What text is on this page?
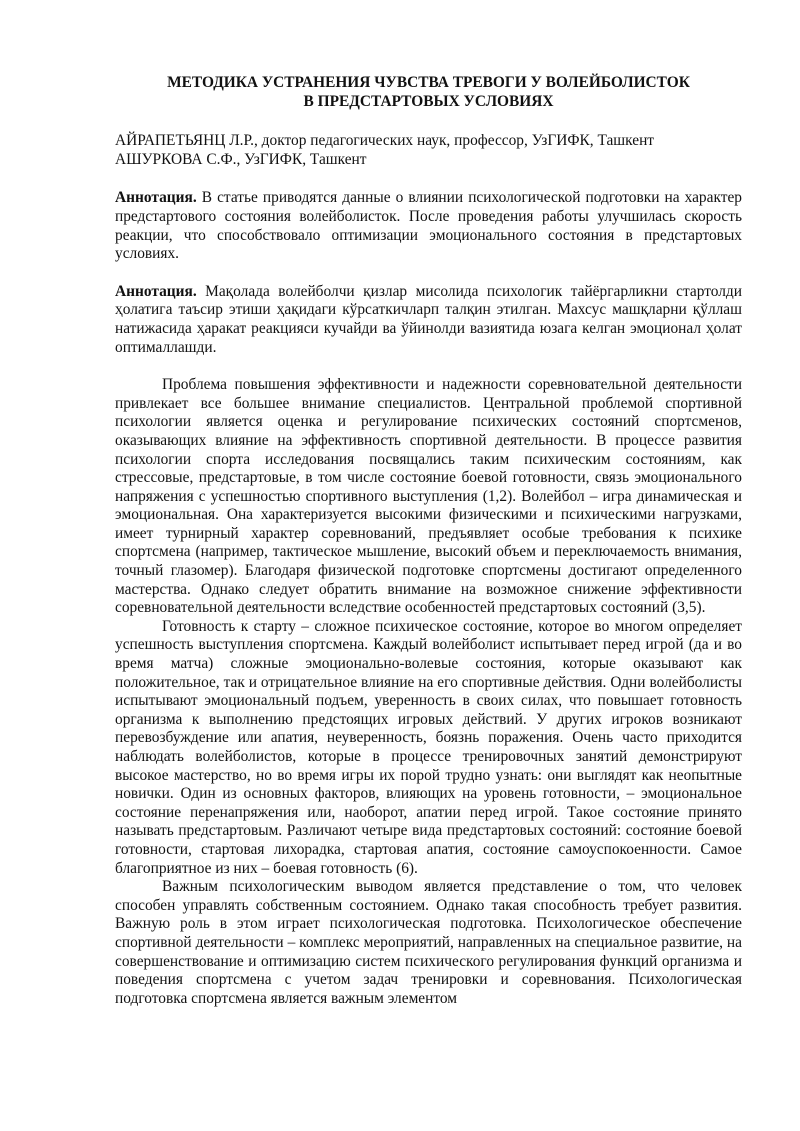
МЕТОДИКА УСТРАНЕНИЯ ЧУВСТВА ТРЕВОГИ У ВОЛЕЙБОЛИСТОК
В ПРЕДСТАРТОВЫХ УСЛОВИЯХ
АЙРАПЕТЬЯНЦ Л.Р., доктор педагогических наук, профессор, УзГИФК, Ташкент
АШУРКОВА С.Ф., УзГИФК, Ташкент
Аннотация. В статье приводятся данные о влиянии психологической подготовки на характер предстартового состояния волейболисток. После проведения работы улучшилась скорость реакции, что способствовало оптимизации эмоционального состояния в предстартовых условиях.
Аннотация. Мақолада волейболчи қизлар мисолида психологик тайёргарликни стартолди ҳолатига таъсир этиши ҳақидаги кўрсаткичларп талқин этилган. Махсус машқларни қўллаш натижасида ҳаракат реакцияси кучайди ва ўйинолди вазиятида юзага келган эмоционал ҳолат оптималлашди.

Проблема повышения эффективности и надежности соревновательной деятельности привлекает все большее внимание специалистов. Центральной проблемой спортивной психологии является оценка и регулирование психических состояний спортсменов, оказывающих влияние на эффективность спортивной деятельности. В процессе развития психологии спорта исследования посвящались таким психическим состояниям, как стрессовые, предстартовые, в том числе состояние боевой готовности, связь эмоционального напряжения с успешностью спортивного выступления (1,2). Волейбол – игра динамическая и эмоциональная. Она характеризуется высокими физическими и психическими нагрузками, имеет турнирный характер соревнований, предъявляет особые требования к психике спортсмена (например, тактическое мышление, высокий объем и переключаемость внимания, точный глазомер). Благодаря физической подготовке спортсмены достигают определенного мастерства. Однако следует обратить внимание на возможное снижение эффективности соревновательной деятельности вследствие особенностей предстартовых состояний (3,5).

Готовность к старту – сложное психическое состояние, которое во многом определяет успешность выступления спортсмена. Каждый волейболист испытывает перед игрой (да и во время матча) сложные эмоционально-волевые состояния, которые оказывают как положительное, так и отрицательное влияние на его спортивные действия. Одни волейболисты испытывают эмоциональный подъем, уверенность в своих силах, что повышает готовность организма к выполнению предстоящих игровых действий. У других игроков возникают перевозбуждение или апатия, неуверенность, боязнь поражения. Очень часто приходится наблюдать волейболистов, которые в процессе тренировочных занятий демонстрируют высокое мастерство, но во время игры их порой трудно узнать: они выглядят как неопытные новички. Один из основных факторов, влияющих на уровень готовности, – эмоциональное состояние перенапряжения или, наоборот, апатии перед игрой. Такое состояние принято называть предстартовым. Различают четыре вида предстартовых состояний: состояние боевой готовности, стартовая лихорадка, стартовая апатия, состояние самоуспокоенности. Самое благоприятное из них – боевая готовность (6).

Важным психологическим выводом является представление о том, что человек способен управлять собственным состоянием. Однако такая способность требует развития. Важную роль в этом играет психологическая подготовка. Психологическое обеспечение спортивной деятельности – комплекс мероприятий, направленных на специальное развитие, на совершенствование и оптимизацию систем психического регулирования функций организма и поведения спортсмена с учетом задач тренировки и соревнования. Психологическая подготовка спортсмена является важным элементом
